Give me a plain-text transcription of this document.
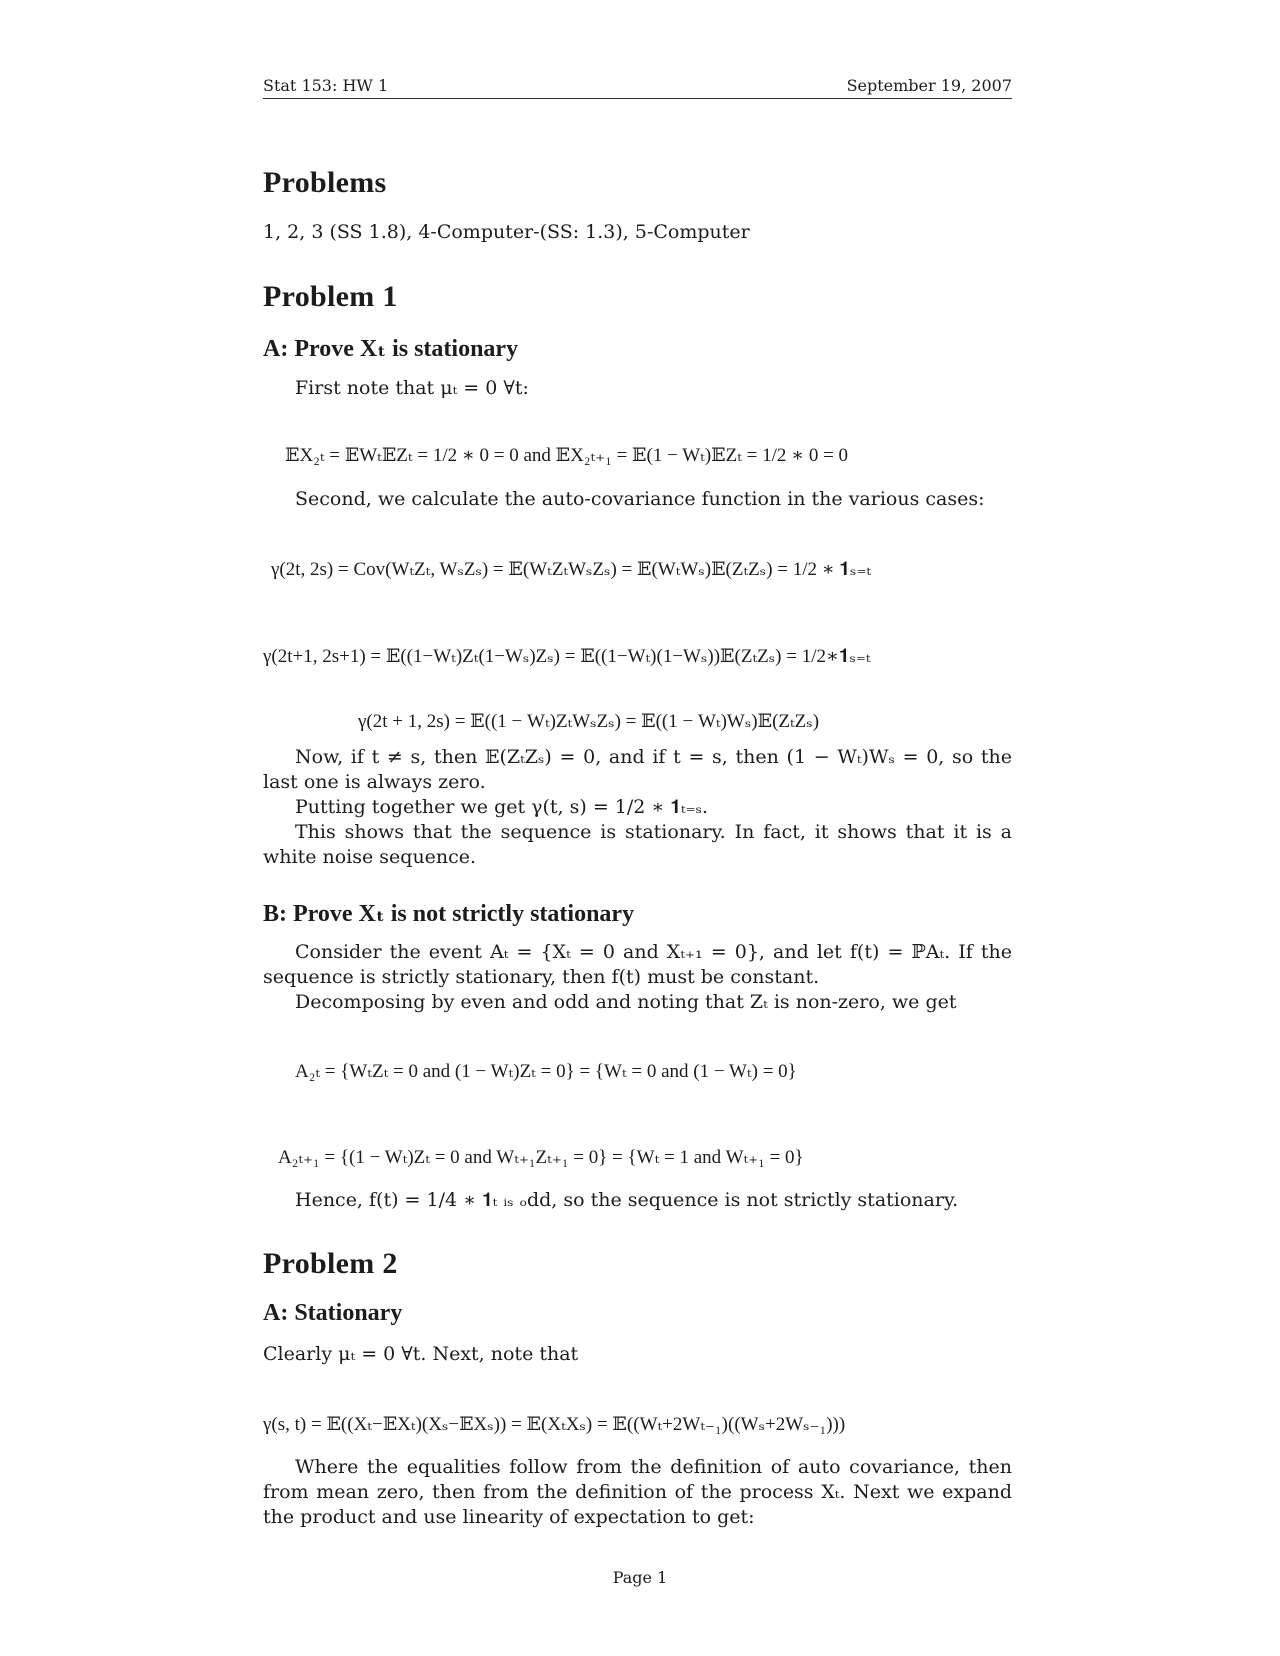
Stat 153: HW 1	September 19, 2007
Problems

1, 2, 3 (SS 1.8), 4-Computer-(SS: 1.3), 5-Computer

Problem 1
A: Prove Xₜ is stationary

First note that μₜ = 0 ∀t:

𝔼X₂ₜ = 𝔼Wₜ𝔼Zₜ = 1/2 ∗ 0 = 0 and 𝔼X₂ₜ₊₁ = 𝔼(1 − Wₜ)𝔼Zₜ = 1/2 ∗ 0 = 0

Second, we calculate the auto-covariance function in the various cases:

γ(2t, 2s) = Cov(WₜZₜ, WₛZₛ) = 𝔼(WₜZₜWₛZₛ) = 𝔼(WₜWₛ)𝔼(ZₜZₛ) = 1/2 ∗ 𝟏ₛ₌ₜ
γ(2t+1, 2s+1) = 𝔼((1−Wₜ)Zₜ(1−Wₛ)Zₛ) = 𝔼((1−Wₜ)(1−Wₛ))𝔼(ZₜZₛ) = 1/2∗𝟏ₛ₌ₜ
γ(2t + 1, 2s) = 𝔼((1 − Wₜ)ZₜWₛZₛ) = 𝔼((1 − Wₜ)Wₛ)𝔼(ZₜZₛ)

Now, if t ≠ s, then 𝔼(ZₜZₛ) = 0, and if t = s, then (1 − Wₜ)Wₛ = 0, so the last one is always zero.

Putting together we get γ(t, s) = 1/2 ∗ 𝟏ₜ₌ₛ.

This shows that the sequence is stationary. In fact, it shows that it is a white noise sequence.

B: Prove Xₜ is not strictly stationary

Consider the event Aₜ = {Xₜ = 0 and Xₜ₊₁ = 0}, and let f(t) = ℙAₜ. If the sequence is strictly stationary, then f(t) must be constant.

Decomposing by even and odd and noting that Zₜ is non-zero, we get

A₂ₜ = {WₜZₜ = 0 and (1 − Wₜ)Zₜ = 0} = {Wₜ = 0 and (1 − Wₜ) = 0}
A₂ₜ₊₁ = {(1 − Wₜ)Zₜ = 0 and Wₜ₊₁Zₜ₊₁ = 0} = {Wₜ = 1 and Wₜ₊₁ = 0}

Hence, f(t) = 1/4 ∗ 𝟏ₜ ᵢₛ ₒdd, so the sequence is not strictly stationary.

Problem 2
A: Stationary

Clearly μₜ = 0 ∀t. Next, note that

γ(s, t) = 𝔼((Xₜ−𝔼Xₜ)(Xₛ−𝔼Xₛ)) = 𝔼(XₜXₛ) = 𝔼((Wₜ+2Wₜ₋₁)((Wₛ+2Wₛ₋₁)))

Where the equalities follow from the definition of auto covariance, then from mean zero, then from the definition of the process Xₜ. Next we expand the product and use linearity of expectation to get:

Page 1
